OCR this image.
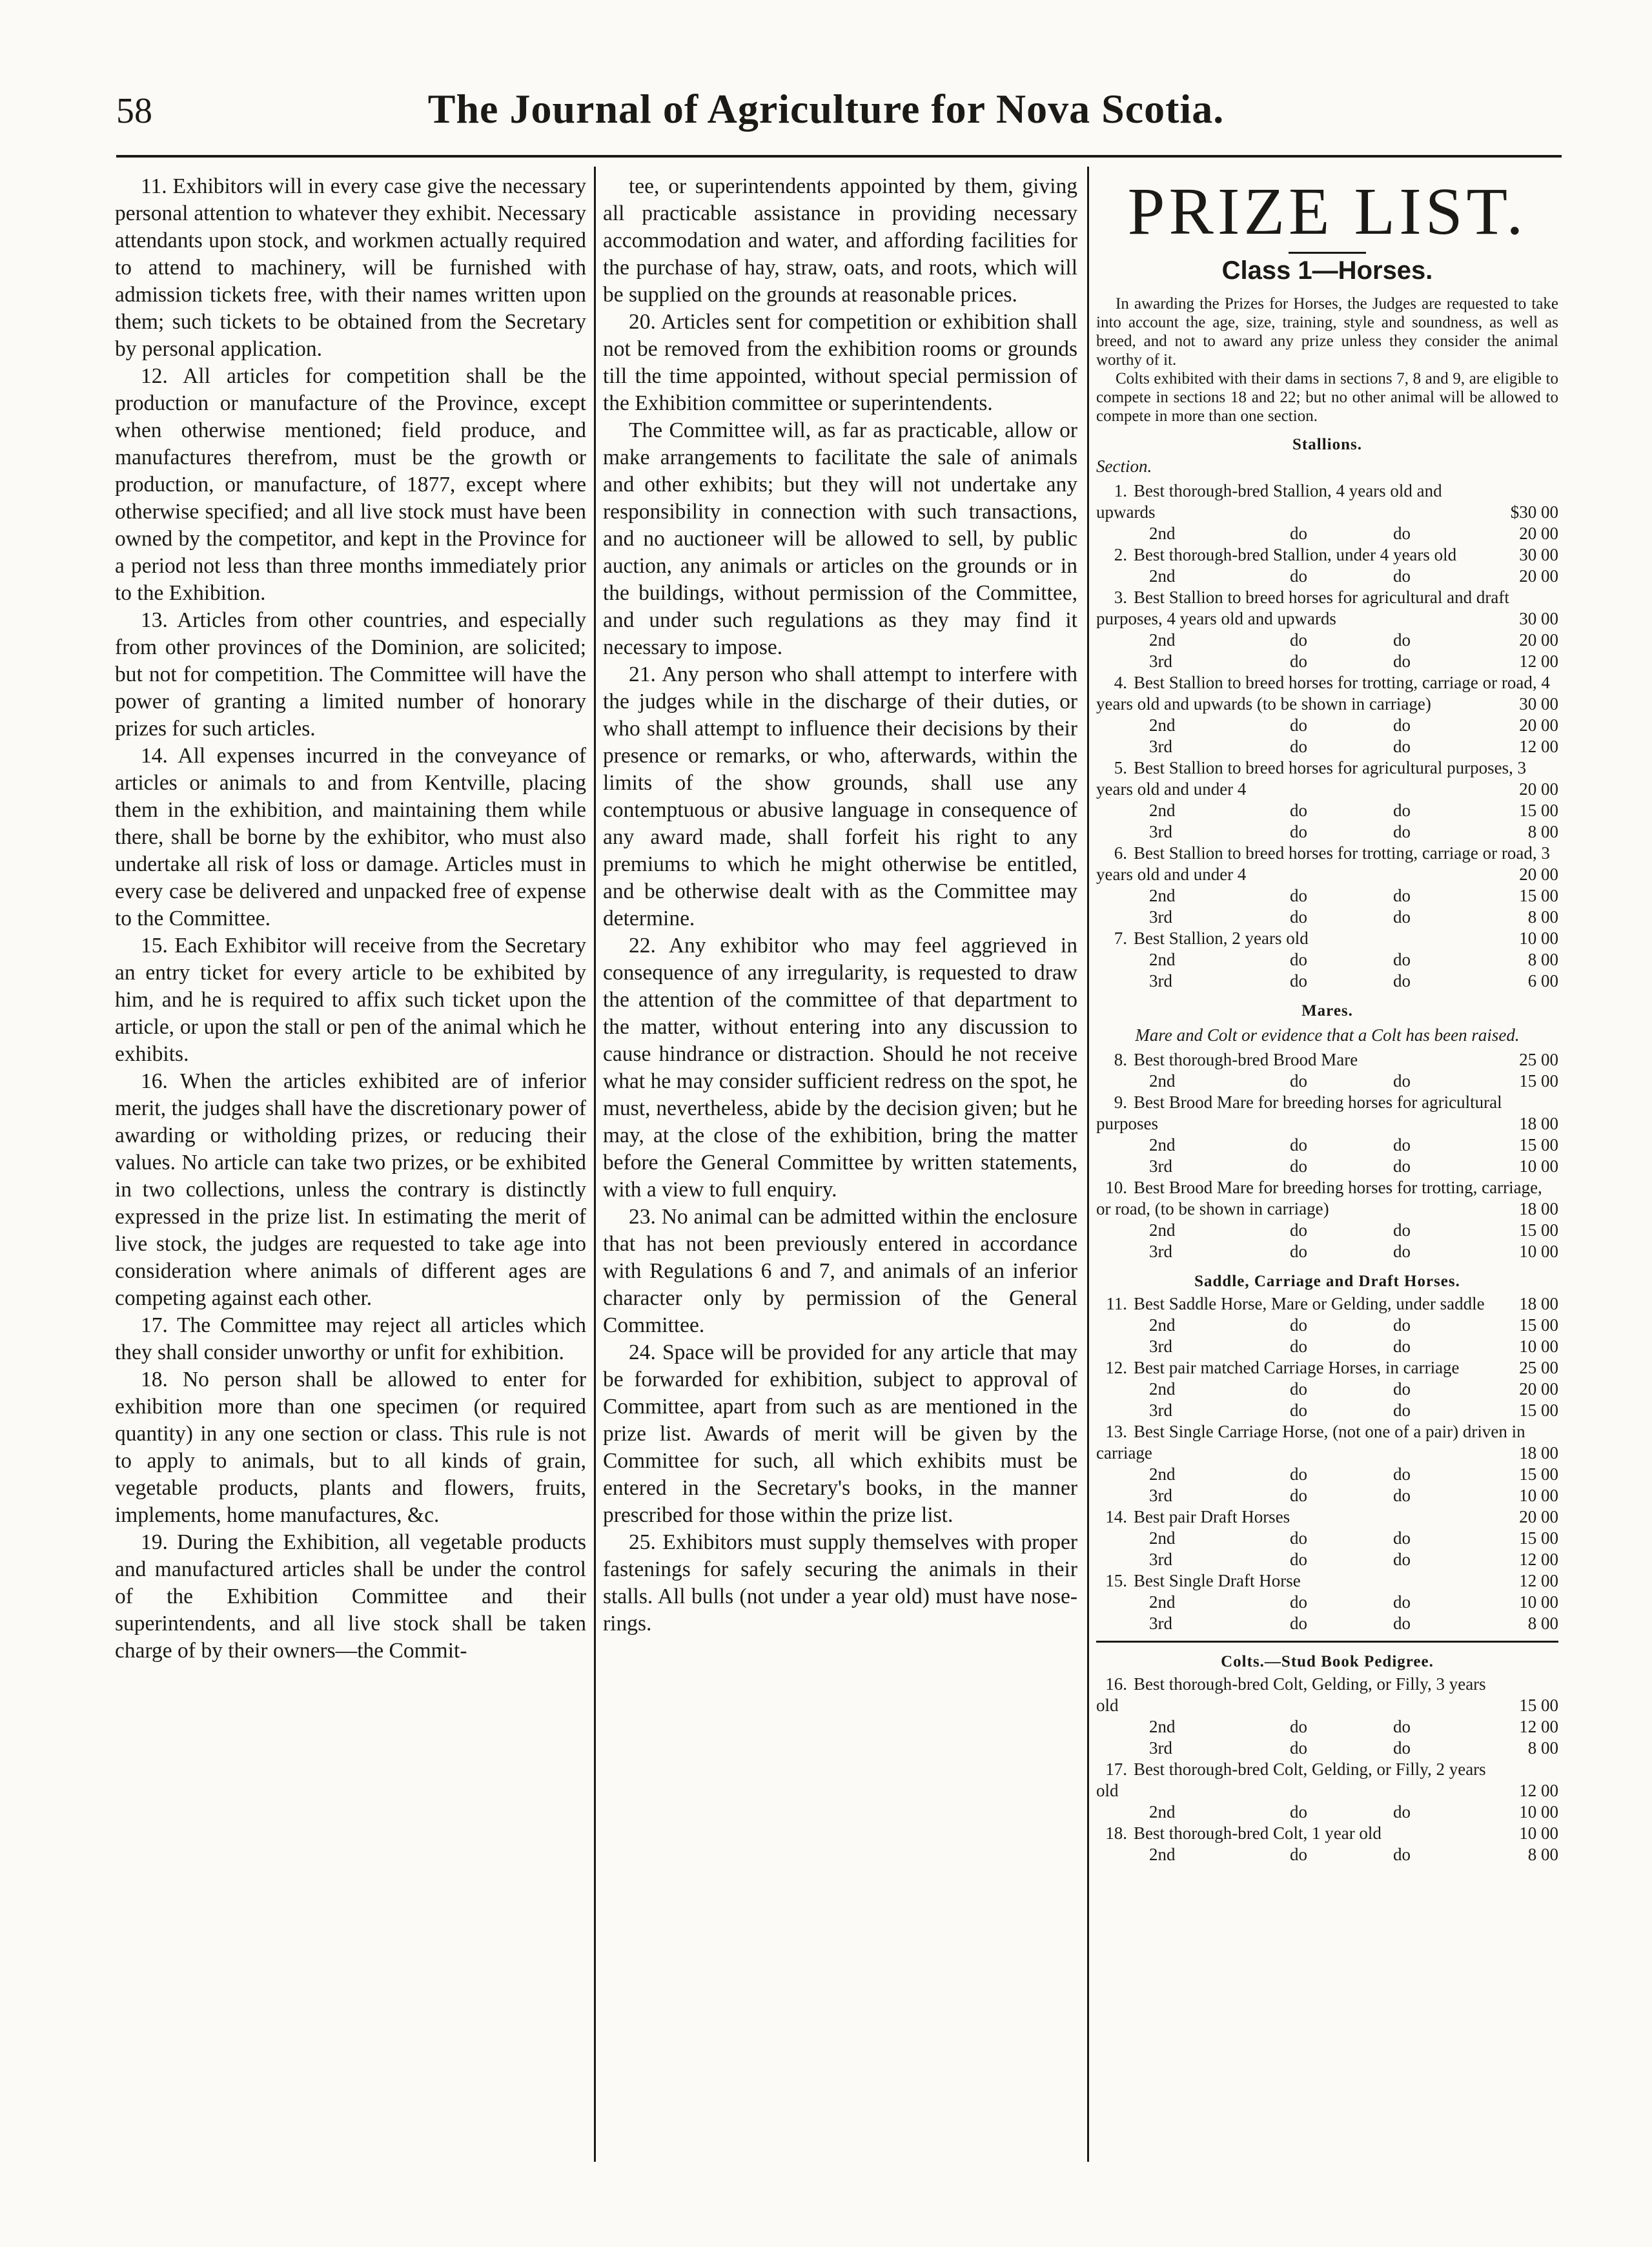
58	The Journal of Agriculture for Nova Scotia.

11. Exhibitors will in every case give the necessary personal attention to whatever they exhibit. Necessary attendants upon stock, and workmen actually required to attend to machinery, will be furnished with admission tickets free, with their names written upon them; such tickets to be obtained from the Secretary by personal application.

12. All articles for competition shall be the production or manufacture of the Province, except when otherwise mentioned; field produce, and manufactures therefrom, must be the growth or production, or manufacture, of 1877, except where otherwise specified; and all live stock must have been owned by the competitor, and kept in the Province for a period not less than three months immediately prior to the Exhibition.

13. Articles from other countries, and especially from other provinces of the Dominion, are solicited; but not for competition. The Committee will have the power of granting a limited number of honorary prizes for such articles.

14. All expenses incurred in the conveyance of articles or animals to and from Kentville, placing them in the exhibition, and maintaining them while there, shall be borne by the exhibitor, who must also undertake all risk of loss or damage. Articles must in every case be delivered and unpacked free of expense to the Committee.

15. Each Exhibitor will receive from the Secretary an entry ticket for every article to be exhibited by him, and he is required to affix such ticket upon the article, or upon the stall or pen of the animal which he exhibits.

16. When the articles exhibited are of inferior merit, the judges shall have the discretionary power of awarding or witholding prizes, or reducing their values. No article can take two prizes, or be exhibited in two collections, unless the contrary is distinctly expressed in the prize list. In estimating the merit of live stock, the judges are requested to take age into consideration where animals of different ages are competing against each other.

17. The Committee may reject all articles which they shall consider unworthy or unfit for exhibition.

18. No person shall be allowed to enter for exhibition more than one specimen (or required quantity) in any one section or class. This rule is not to apply to animals, but to all kinds of grain, vegetable products, plants and flowers, fruits, implements, home manufactures, &c.

19. During the Exhibition, all vegetable products and manufactured articles shall be under the control of the Exhibition Committee and their superintendents, and all live stock shall be taken charge of by their owners—the Commit-

tee, or superintendents appointed by them, giving all practicable assistance in providing necessary accommodation and water, and affording facilities for the purchase of hay, straw, oats, and roots, which will be supplied on the grounds at reasonable prices.

20. Articles sent for competition or exhibition shall not be removed from the exhibition rooms or grounds till the time appointed, without special permission of the Exhibition committee or superintendents.

The Committee will, as far as practicable, allow or make arrangements to facilitate the sale of animals and other exhibits; but they will not undertake any responsibility in connection with such transactions, and no auctioneer will be allowed to sell, by public auction, any animals or articles on the grounds or in the buildings, without permission of the Committee, and under such regulations as they may find it necessary to impose.

21. Any person who shall attempt to interfere with the judges while in the discharge of their duties, or who shall attempt to influence their decisions by their presence or remarks, or who, afterwards, within the limits of the show grounds, shall use any contemptuous or abusive language in consequence of any award made, shall forfeit his right to any premiums to which he might otherwise be entitled, and be otherwise dealt with as the Committee may determine.

22. Any exhibitor who may feel aggrieved in consequence of any irregularity, is requested to draw the attention of the committee of that department to the matter, without entering into any discussion to cause hindrance or distraction. Should he not receive what he may consider sufficient redress on the spot, he must, nevertheless, abide by the decision given; but he may, at the close of the exhibition, bring the matter before the General Committee by written statements, with a view to full enquiry.

23. No animal can be admitted within the enclosure that has not been previously entered in accordance with Regulations 6 and 7, and animals of an inferior character only by permission of the General Committee.

24. Space will be provided for any article that may be forwarded for exhibition, subject to approval of Committee, apart from such as are mentioned in the prize list. Awards of merit will be given by the Committee for such, all which exhibits must be entered in the Secretary's books, in the manner prescribed for those within the prize list.

25. Exhibitors must supply themselves with proper fastenings for safely securing the animals in their stalls. All bulls (not under a year old) must have nose-rings.

PRIZE LIST.
Class 1—Horses.

In awarding the Prizes for Horses, the Judges are requested to take into account the age, size, training, style and soundness, as well as breed, and not to award any prize unless they consider the animal worthy of it.

Colts exhibited with their dams in sections 7, 8 and 9, are eligible to compete in sections 18 and 22; but no other animal will be allowed to compete in more than one section.

Stallions.
Section.
1. Best thorough-bred Stallion, 4 years old and upwards	$30 00
2nd	do	do	20 00
2. Best thorough-bred Stallion, under 4 years old	30 00
2nd	do	do	20 00
3. Best Stallion to breed horses for agricultural and draft purposes, 4 years old and upwards	30 00
2nd	do	do	20 00
3rd	do	do	12 00
4. Best Stallion to breed horses for trotting, carriage or road, 4 years old and upwards (to be shown in carriage)	30 00
2nd	do	do	20 00
3rd	do	do	12 00
5. Best Stallion to breed horses for agricultural purposes, 3 years old and under 4	20 00
2nd	do	do	15 00
3rd	do	do	8 00
6. Best Stallion to breed horses for trotting, carriage or road, 3 years old and under 4	20 00
2nd	do	do	15 00
3rd	do	do	8 00
7. Best Stallion, 2 years old	10 00
2nd	do	do	8 00
3rd	do	do	6 00
Mares.
Mare and Colt or evidence that a Colt has been raised.
8. Best thorough-bred Brood Mare	25 00
2nd	do	do	15 00
9. Best Brood Mare for breeding horses for agricultural purposes	18 00
2nd	do	do	15 00
3rd	do	do	10 00
10. Best Brood Mare for breeding horses for trotting, carriage, or road, (to be shown in carriage)	18 00
2nd	do	do	15 00
3rd	do	do	10 00
Saddle, Carriage and Draft Horses.
11. Best Saddle Horse, Mare or Gelding, under saddle 18 00
2nd	do	do	15 00
3rd	do	do	10 00
12. Best pair matched Carriage Horses, in carriage	25 00
2nd	do	do	20 00
3rd	do	do	15 00
13. Best Single Carriage Horse, (not one of a pair) driven in carriage	18 00
2nd	do	do	15 00
3rd	do	do	10 00
14. Best pair Draft Horses	20 00
2nd	do	do	15 00
3rd	do	do	12 00
15. Best Single Draft Horse	12 00
2nd	do	do	10 00
3rd	do	do	8 00
Colts.—Stud Book Pedigree.
16. Best thorough-bred Colt, Gelding, or Filly, 3 years old	15 00
2nd	do	do	12 00
3rd	do	do	8 00
17. Best thorough-bred Colt, Gelding, or Filly, 2 years old	12 00
2nd	do	do	10 00
18. Best thorough-bred Colt, 1 year old	10 00
2nd	do	do	8 00
